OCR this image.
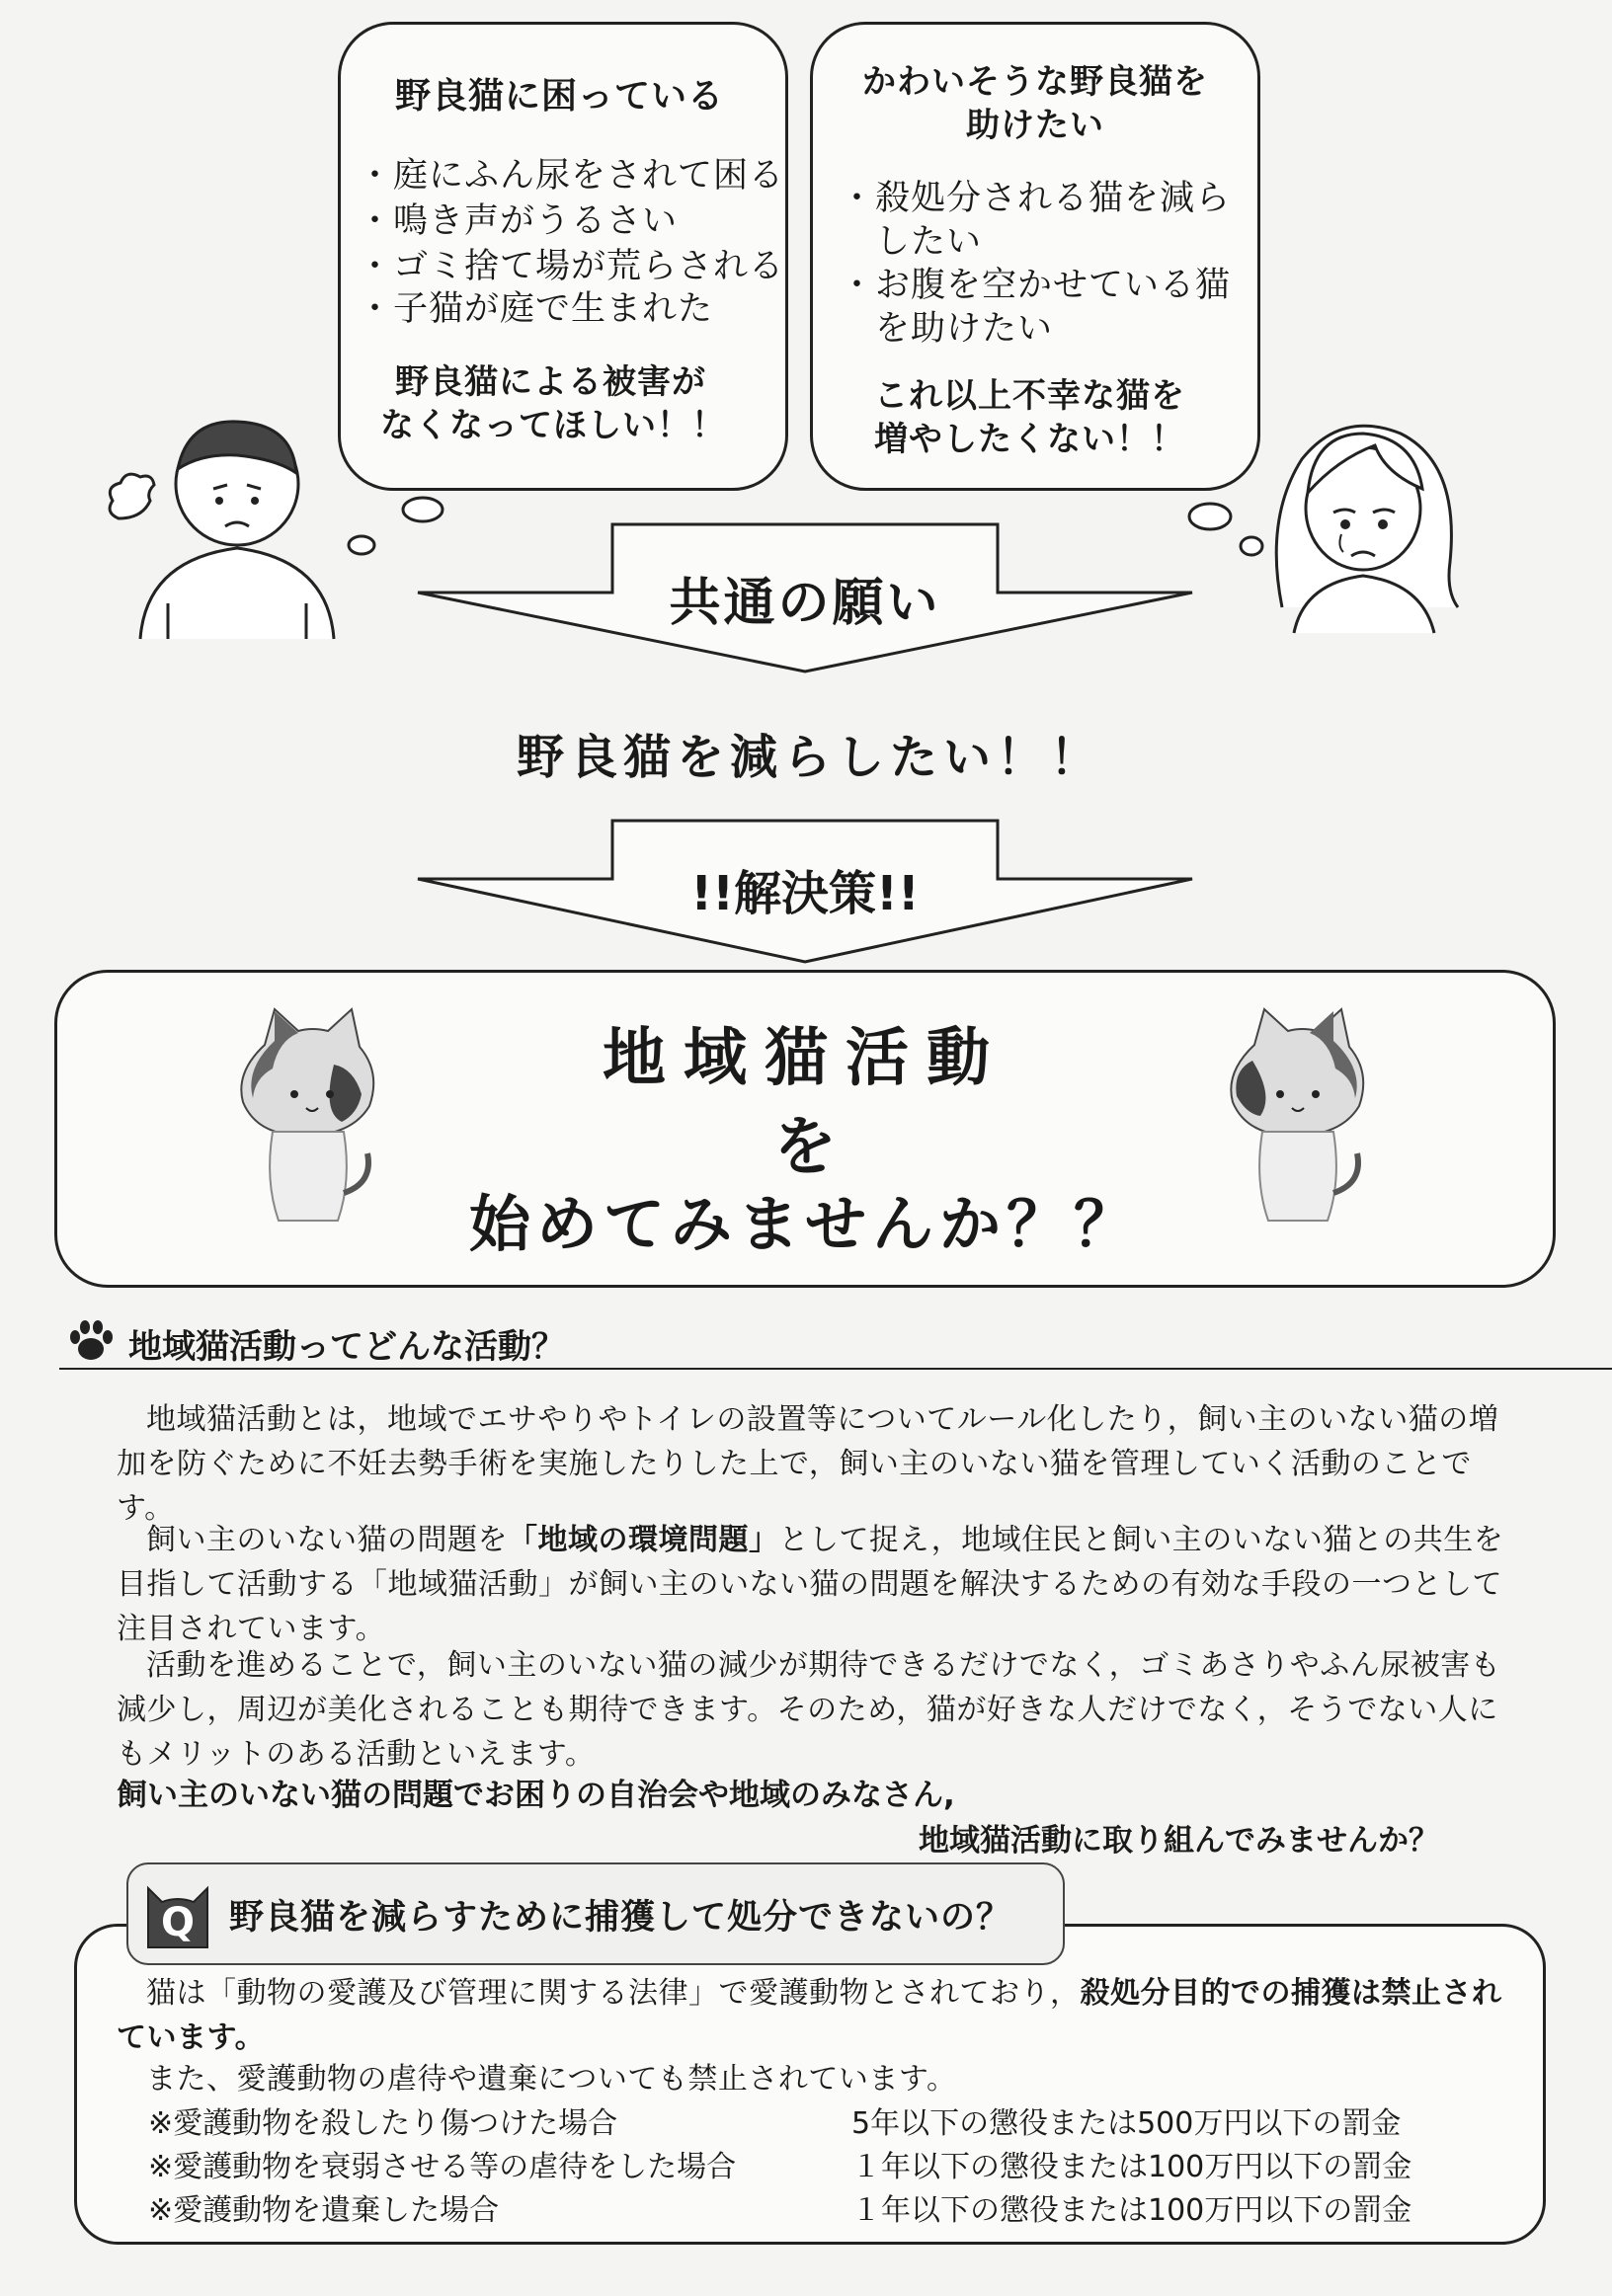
野良猫に困っている
・庭にふん尿をされて困る
・鳴き声がうるさい
・ゴミ捨て場が荒らされる
・子猫が庭で生まれた
野良猫による被害が
なくなってほしい！！
かわいそうな野良猫を
助けたい
・殺処分される猫を減ら
　したい
・お腹を空かせている猫
　を助けたい
これ以上不幸な猫を
増やしたくない！！
共通の願い
野良猫を減らしたい！！
!!解決策!!
地域猫活動
を
始めてみませんか？？
地域猫活動ってどんな活動？
地域猫活動とは，地域でエサやりやトイレの設置等についてルール化したり，飼い主のいない猫の増加を防ぐために不妊去勢手術を実施したりした上で，飼い主のいない猫を管理していく活動のことです。
飼い主のいない猫の問題を「地域の環境問題」として捉え，地域住民と飼い主のいない猫との共生を目指して活動する「地域猫活動」が飼い主のいない猫の問題を解決するための有効な手段の一つとして注目されています。
活動を進めることで，飼い主のいない猫の減少が期待できるだけでなく，ゴミあさりやふん尿被害も減少し，周辺が美化されることも期待できます。そのため，猫が好きな人だけでなく，そうでない人にもメリットのある活動といえます。
飼い主のいない猫の問題でお困りの自治会や地域のみなさん,
地域猫活動に取り組んでみませんか？
Q	野良猫を減らすために捕獲して処分できないの？
猫は「動物の愛護及び管理に関する法律」で愛護動物とされており，殺処分目的での捕獲は禁止されています。
また、愛護動物の虐待や遺棄についても禁止されています。
※愛護動物を殺したり傷つけた場合	5年以下の懲役または500万円以下の罰金
※愛護動物を衰弱させる等の虐待をした場合	１年以下の懲役または100万円以下の罰金
※愛護動物を遺棄した場合	１年以下の懲役または100万円以下の罰金
